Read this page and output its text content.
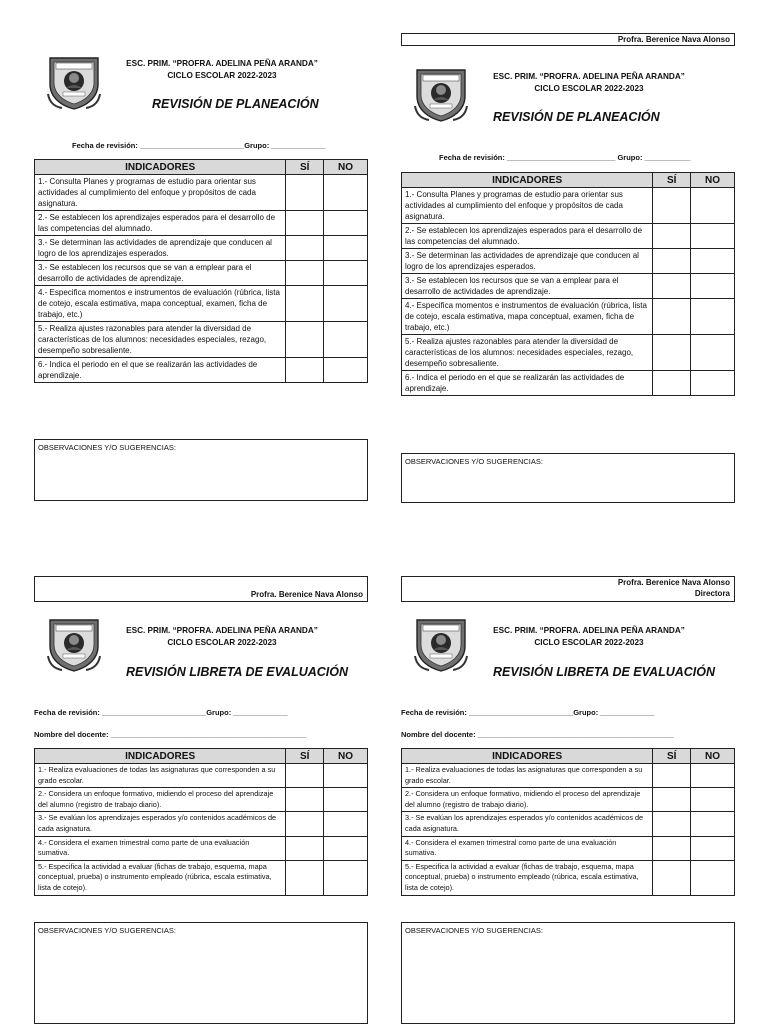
ESC. PRIM. “PROFRA. ADELINA PEÑA ARANDA”
CICLO ESCOLAR 2022-2023
REVISIÓN DE PLANEACIÓN
Fecha de revisión: _________________________Grupo: _____________
INDICADORES	SÍ	NO
1.- Consulta Planes y programas de estudio para orientar sus actividades al cumplimiento del enfoque y propósitos de cada asignatura.		
2.- Se establecen los aprendizajes esperados para el desarrollo de las competencias del alumnado.		
3.- Se determinan las actividades de aprendizaje que conducen al logro de los aprendizajes esperados.		
3.- Se establecen los recursos que se van a emplear para el desarrollo de actividades de aprendizaje.		
4.- Especifica momentos e instrumentos de evaluación (rúbrica, lista de cotejo, escala estimativa, mapa conceptual, examen, ficha de trabajo, etc.)		
5.- Realiza ajustes razonables para atender la diversidad de características de los alumnos: necesidades especiales, rezago, desempeño sobresaliente.		
6.- Indica el periodo en el que se realizarán las actividades de aprendizaje.		
OBSERVACIONES Y/O SUGERENCIAS:
Profra. Berenice Nava Alonso
ESC. PRIM. “PROFRA. ADELINA PEÑA ARANDA”
CICLO ESCOLAR 2022-2023
REVISIÓN DE PLANEACIÓN
Fecha de revisión: __________________________ Grupo: ___________
INDICADORES	SÍ	NO
1.- Consulta Planes y programas de estudio para orientar sus actividades al cumplimiento del enfoque y propósitos de cada asignatura.		
2.- Se establecen los aprendizajes esperados para el desarrollo de las competencias del alumnado.		
3.- Se determinan las actividades de aprendizaje que conducen al logro de los aprendizajes esperados.		
3.- Se establecen los recursos que se van a emplear para el desarrollo de actividades de aprendizaje.		
4.- Especifica momentos e instrumentos de evaluación (rúbrica, lista de cotejo, escala estimativa, mapa conceptual, examen, ficha de trabajo, etc.)		
5.- Realiza ajustes razonables para atender la diversidad de características de los alumnos: necesidades especiales, rezago, desempeño sobresaliente.		
6.- Indica el periodo en el que se realizarán las actividades de aprendizaje.		
OBSERVACIONES Y/O SUGERENCIAS:
Profra. Berenice Nava Alonso
ESC. PRIM. “PROFRA. ADELINA PEÑA ARANDA”
CICLO ESCOLAR 2022-2023
REVISIÓN LIBRETA DE EVALUACIÓN
Fecha de revisión: _________________________Grupo: _____________
Nombre del docente: _______________________________________________
INDICADORES	SÍ	NO
1.- Realiza evaluaciones de todas las asignaturas que corresponden a su grado escolar.		
2.- Considera un enfoque formativo, midiendo el proceso del aprendizaje del alumno (registro de trabajo diario).		
3.- Se evalúan los aprendizajes esperados y/o contenidos académicos de cada asignatura.		
4.- Considera el examen trimestral como parte de una evaluación sumativa.		
5.- Especifica la actividad a evaluar (fichas de trabajo, esquema, mapa conceptual, prueba) o instrumento empleado (rúbrica, escala estimativa, lista de cotejo).		
OBSERVACIONES Y/O SUGERENCIAS:
Profra. Berenice Nava Alonso
Directora
ESC. PRIM. “PROFRA. ADELINA PEÑA ARANDA”
CICLO ESCOLAR 2022-2023
REVISIÓN LIBRETA DE EVALUACIÓN
Fecha de revisión: _________________________Grupo: _____________
Nombre del docente: _______________________________________________
INDICADORES	SÍ	NO
1.- Realiza evaluaciones de todas las asignaturas que corresponden a su grado escolar.		
2.- Considera un enfoque formativo, midiendo el proceso del aprendizaje del alumno (registro de trabajo diario).		
3.- Se evalúan los aprendizajes esperados y/o contenidos académicos de cada asignatura.		
4.- Considera el examen trimestral como parte de una evaluación sumativa.		
5.- Especifica la actividad a evaluar (fichas de trabajo, esquema, mapa conceptual, prueba) o instrumento empleado (rúbrica, escala estimativa, lista de cotejo).		
OBSERVACIONES Y/O SUGERENCIAS:
